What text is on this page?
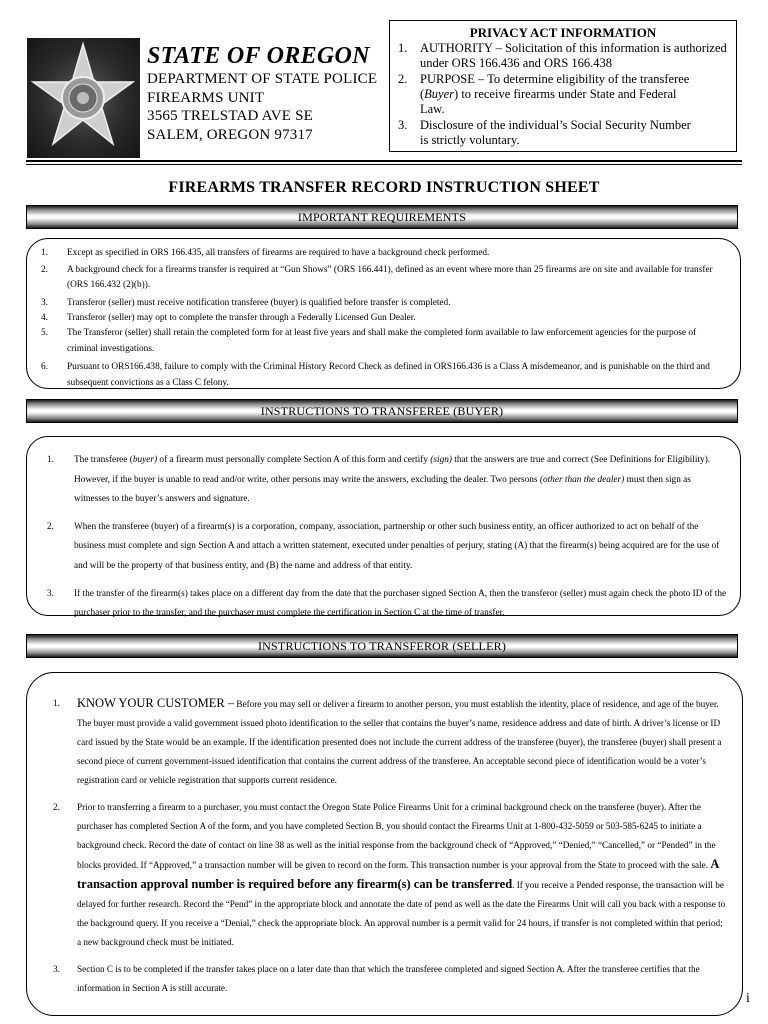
STATE OF OREGON
DEPARTMENT OF STATE POLICE
FIREARMS UNIT
3565 TRELSTAD AVE SE
SALEM, OREGON 97317
PRIVACY ACT INFORMATION
1. AUTHORITY – Solicitation of this information is authorized
under ORS 166.436 and ORS 166.438
2. PURPOSE – To determine eligibility of the transferee
(Buyer) to receive firearms under State and Federal
Law.
3. Disclosure of the individual’s Social Security Number
is strictly voluntary.
FIREARMS TRANSFER RECORD INSTRUCTION SHEET
IMPORTANT REQUIREMENTS
1. Except as specified in ORS 166.435, all transfers of firearms are required to have a background check performed.
2. A background check for a firearms transfer is required at “Gun Shows” (ORS 166.441), defined as an event where more than 25 firearms are on site and available for transfer (ORS 166.432 (2)(b)).
3. Transferor (seller) must receive notification transferee (buyer) is qualified before transfer is completed.
4. Transferor (seller) may opt to complete the transfer through a Federally Licensed Gun Dealer.
5. The Transferor (seller) shall retain the completed form for at least five years and shall make the completed form available to law enforcement agencies for the purpose of criminal investigations.
6. Pursuant to ORS166.438, failure to comply with the Criminal History Record Check as defined in ORS166.436 is a Class A misdemeanor, and is punishable on the third and subsequent convictions as a Class C felony.
INSTRUCTIONS TO TRANSFEREE (BUYER)
1. The transferee (buyer) of a firearm must personally complete Section A of this form and certify (sign) that the answers are true and correct (See Definitions for Eligibility). However, if the buyer is unable to read and/or write, other persons may write the answers, excluding the dealer. Two persons (other than the dealer) must then sign as witnesses to the buyer’s answers and signature.
2. When the transferee (buyer) of a firearm(s) is a corporation, company, association, partnership or other such business entity, an officer authorized to act on behalf of the business must complete and sign Section A and attach a written statement, executed under penalties of perjury, stating (A) that the firearm(s) being acquired are for the use of and will be the property of that business entity, and (B) the name and address of that entity.
3. If the transfer of the firearm(s) takes place on a different day from the date that the purchaser signed Section A, then the transferor (seller) must again check the photo ID of the purchaser prior to the transfer, and the purchaser must complete the certification in Section C at the time of transfer.
INSTRUCTIONS TO TRANSFEROR (SELLER)
1. KNOW YOUR CUSTOMER – Before you may sell or deliver a firearm to another person, you must establish the identity, place of residence, and age of the buyer. The buyer must provide a valid government issued photo identification to the seller that contains the buyer’s name, residence address and date of birth. A driver’s license or ID card issued by the State would be an example. If the identification presented does not include the current address of the transferee (buyer), the transferee (buyer) shall present a second piece of current government-issued identification that contains the current address of the transferee. An acceptable second piece of identification would be a voter’s registration card or vehicle registration that supports current residence.
2. Prior to transferring a firearm to a purchaser, you must contact the Oregon State Police Firearms Unit for a criminal background check on the transferee (buyer). After the purchaser has completed Section A of the form, and you have completed Section B, you should contact the Firearms Unit at 1-800-432-5059 or 503-585-6245 to initiate a background check. Record the date of contact on line 38 as well as the initial response from the background check of “Approved,” “Denied,” “Cancelled,” or “Pended” in the blocks provided. If “Approved,” a transaction number will be given to record on the form. This transaction number is your approval from the State to proceed with the sale. A transaction approval number is required before any firearm(s) can be transferred. If you receive a Pended response, the transaction will be delayed for further research. Record the “Pend” in the appropriate block and annotate the date of pend as well as the date the Firearms Unit will call you back with a response to the background query. If you receive a “Denial,” check the appropriate block. An approval number is a permit valid for 24 hours, if transfer is not completed within that period; a new background check must be initiated.
3. Section C is to be completed if the transfer takes place on a later date than that which the transferee completed and signed Section A. After the transferee certifies that the information in Section A is still accurate.
i
